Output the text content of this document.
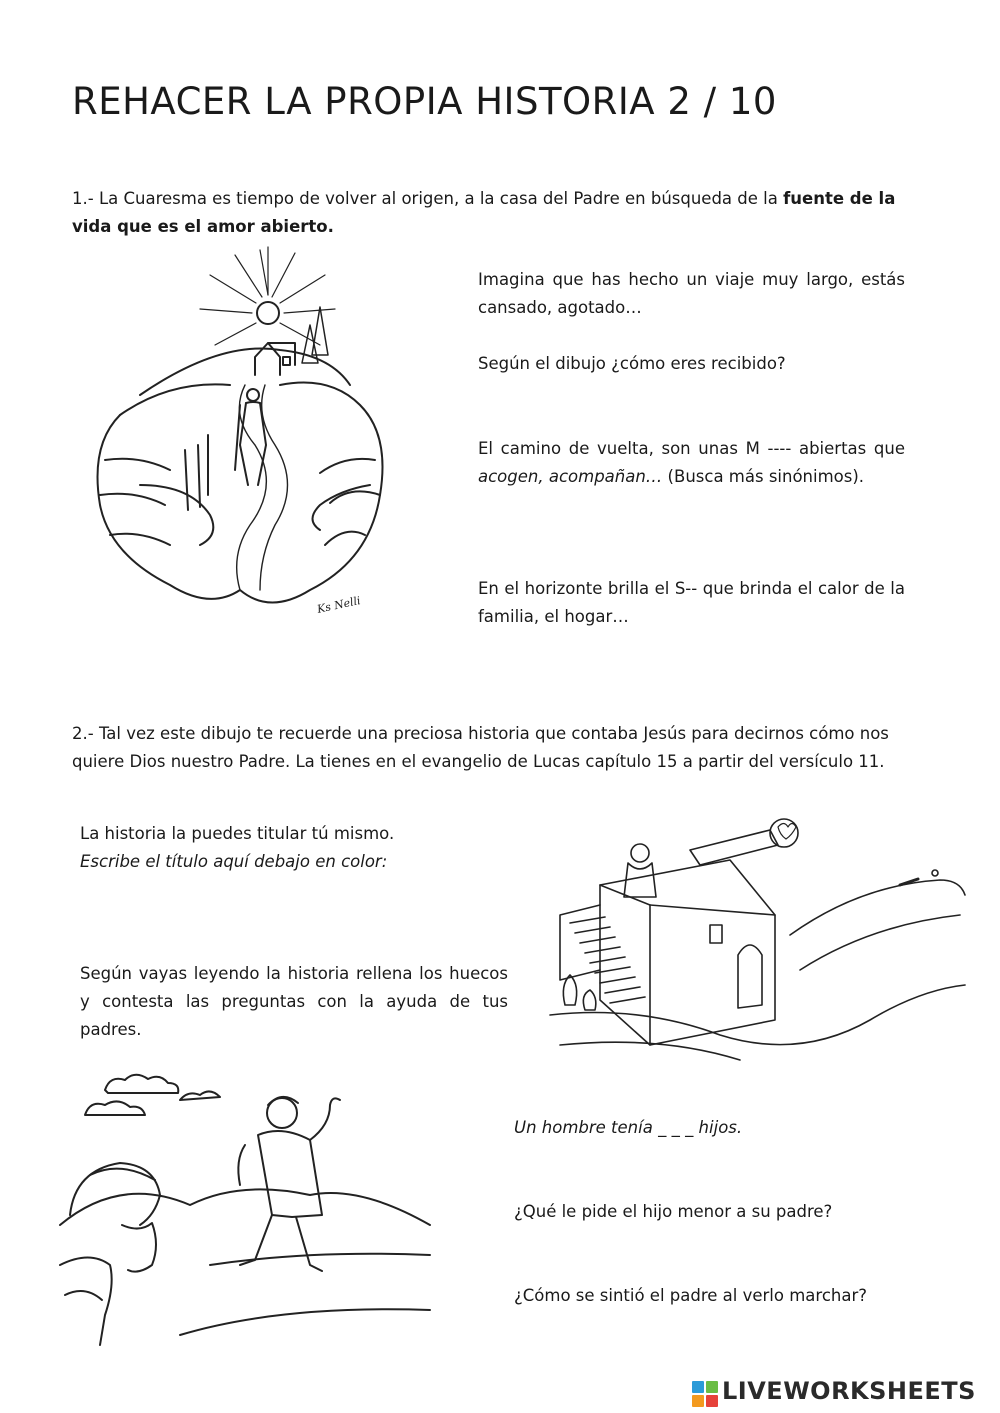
REHACER LA PROPIA HISTORIA 2 / 10
1.- La Cuaresma es tiempo de volver al origen, a la casa del Padre en búsqueda de la fuente de la vida que es el amor abierto.
Ks Nelli
Imagina que has hecho un viaje muy largo, estás cansado, agotado…
Según el dibujo ¿cómo eres recibido?
El camino de vuelta, son unas M ---- abiertas que acogen, acompañan… (Busca más sinónimos).
En el horizonte brilla el S-- que brinda el calor de la familia, el hogar…
2.- Tal vez este dibujo te recuerde una preciosa historia que contaba Jesús para decirnos cómo nos quiere Dios nuestro Padre. La tienes en el evangelio de Lucas capítulo 15 a partir del versículo 11.
La historia la puedes titular tú mismo.
Escribe el título aquí debajo en color:
Según vayas leyendo la historia rellena los huecos y contesta las preguntas con la ayuda de tus padres.
Un hombre tenía _ _ _ hijos.
¿Qué le pide el hijo menor a su padre?
¿Cómo se sintió el padre al verlo marchar?
LIVEWORKSHEETS
